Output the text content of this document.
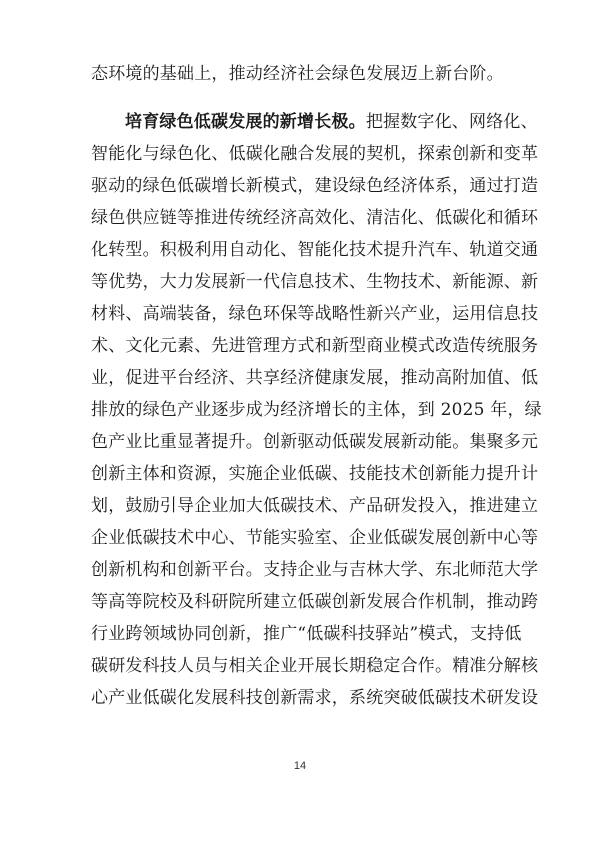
态环境的基础上，推动经济社会绿色发展迈上新台阶。
培育绿色低碳发展的新增长极。把握数字化、网络化、
智能化与绿色化、低碳化融合发展的契机，探索创新和变革
驱动的绿色低碳增长新模式，建设绿色经济体系，通过打造
绿色供应链等推进传统经济高效化、清洁化、低碳化和循环
化转型。积极利用自动化、智能化技术提升汽车、轨道交通
等优势，大力发展新一代信息技术、生物技术、新能源、新
材料、高端装备，绿色环保等战略性新兴产业，运用信息技
术、文化元素、先进管理方式和新型商业模式改造传统服务
业，促进平台经济、共享经济健康发展，推动高附加值、低
排放的绿色产业逐步成为经济增长的主体，到 2025 年，绿
色产业比重显著提升。创新驱动低碳发展新动能。集聚多元
创新主体和资源，实施企业低碳、技能技术创新能力提升计
划，鼓励引导企业加大低碳技术、产品研发投入，推进建立
企业低碳技术中心、节能实验室、企业低碳发展创新中心等
创新机构和创新平台。支持企业与吉林大学、东北师范大学
等高等院校及科研院所建立低碳创新发展合作机制，推动跨
行业跨领域协同创新，推广“低碳科技驿站”模式，支持低
碳研发科技人员与相关企业开展长期稳定合作。精准分解核
心产业低碳化发展科技创新需求，系统突破低碳技术研发设
14
